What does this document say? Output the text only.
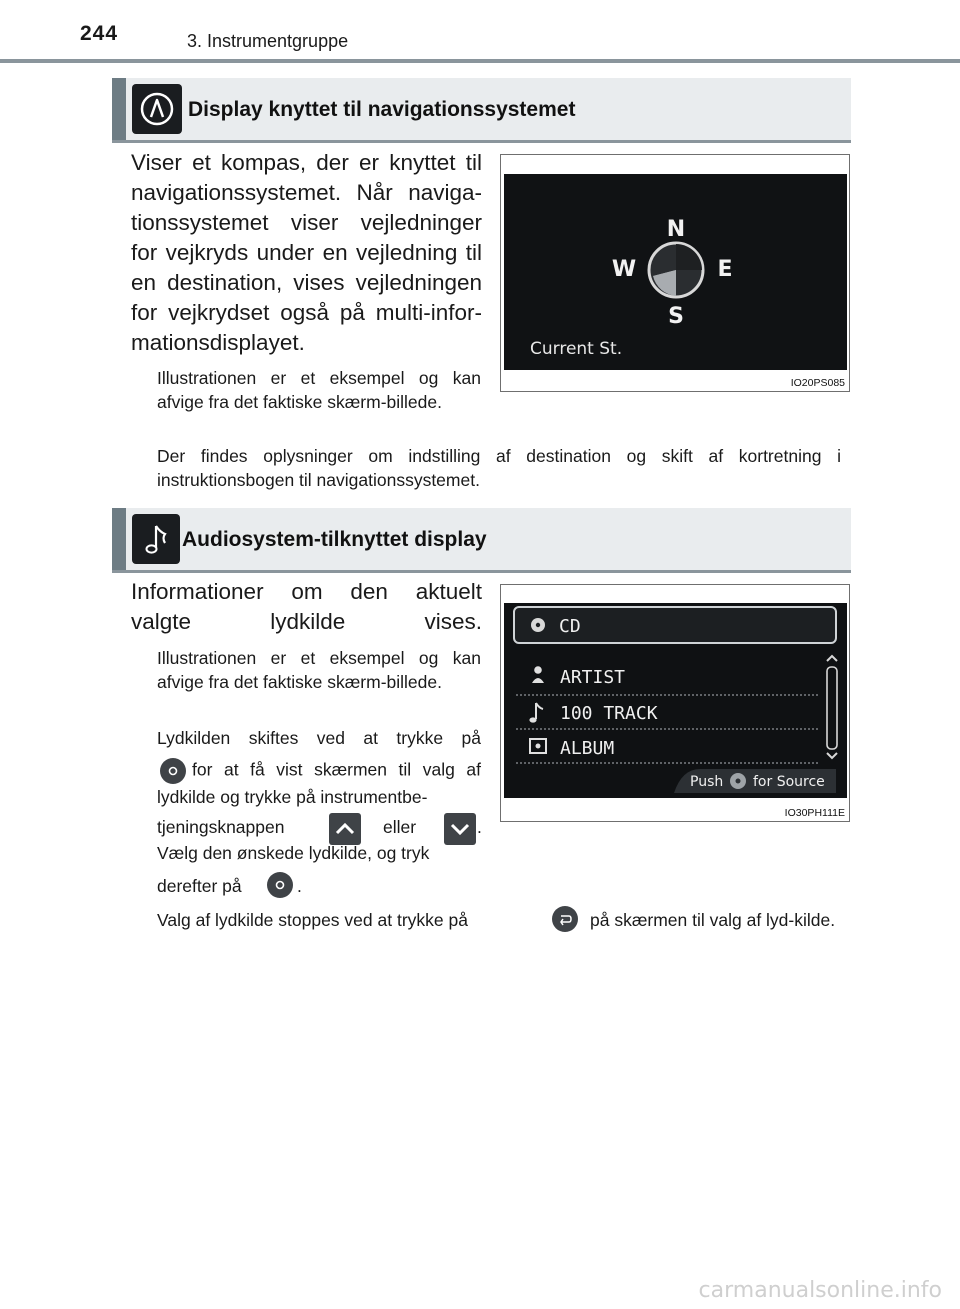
244	3. Instrumentgruppe
Display knyttet til navigationssystemet
Viser et kompas, der er knyttet til navigationssystemet. Når naviga-tionssystemet viser vejledninger for vejkryds under en vejledning til en destination, vises vejledningen for vejkrydset også på multi-infor-mationsdisplayet.
Illustrationen er et eksempel og kan afvige fra det faktiske skærm-billede.
Der findes oplysninger om indstilling af destination og skift af kortretning i instruktionsbogen til navigationssystemet.
N
E
S
W
Current St.
IO20PS085
Audiosystem-tilknyttet display
Informationer om den aktuelt valgte lydkilde vises.
Illustrationen er et eksempel og kan afvige fra det faktiske skærm-billede.
Lydkilden skiftes ved at trykke på
for at få vist skærmen til valg af lydkilde og trykke på instrumentbe-
tjeningsknappen	eller	.
Vælg den ønskede lydkilde, og tryk
derefter på	.
Valg af lydkilde stoppes ved at trykke på	på skærmen til valg af lyd-kilde.
CD
ARTIST
100 TRACK
ALBUM
Push for Source
IO30PH111E
carmanualsonline.info
